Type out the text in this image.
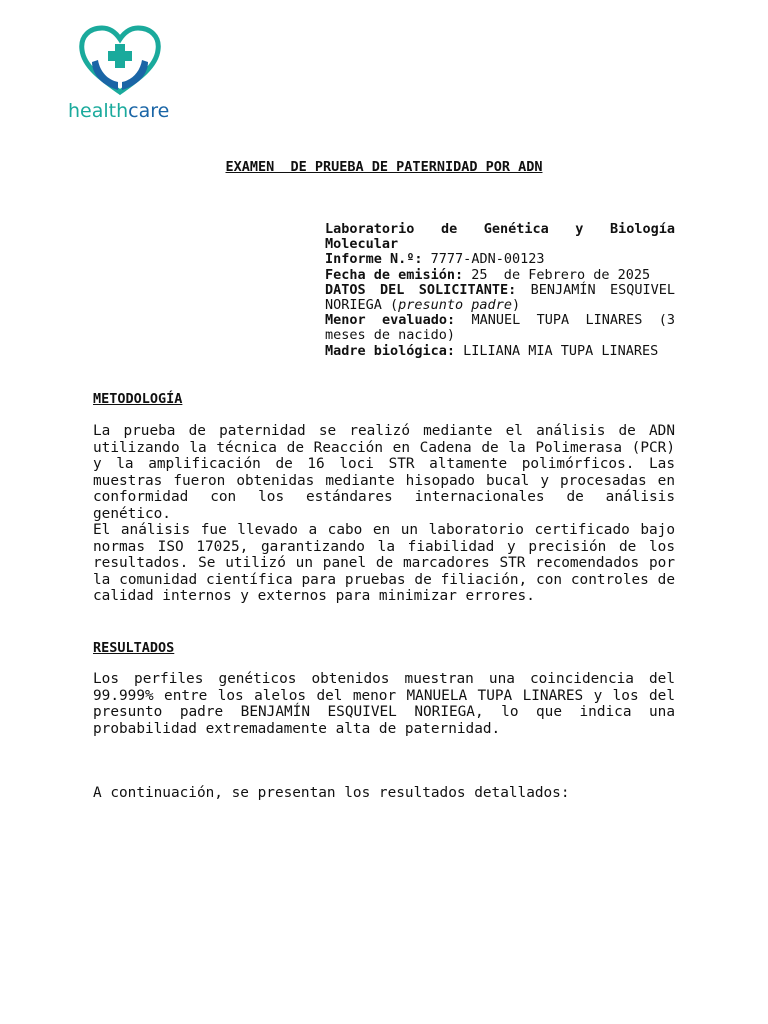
healthcare
EXAMEN  DE PRUEBA DE PATERNIDAD POR ADN
Laboratorio de Genética y Biología Molecular
Informe N.º: 7777-ADN-00123
Fecha de emisión: 25  de Febrero de 2025
DATOS DEL SOLICITANTE: BENJAMÍN ESQUIVEL NORIEGA (presunto padre)
Menor evaluado: MANUEL TUPA LINARES (3 meses de nacido)
Madre biológica: LILIANA MIA TUPA LINARES
METODOLOGÍA

La prueba de paternidad se realizó mediante el análisis de ADN utilizando la técnica de Reacción en Cadena de la Polimerasa (PCR) y la amplificación de 16 loci STR altamente polimórficos. Las muestras fueron obtenidas mediante hisopado bucal y procesadas en conformidad con los estándares internacionales de análisis genético.

El análisis fue llevado a cabo en un laboratorio certificado bajo normas ISO 17025, garantizando la fiabilidad y precisión de los resultados. Se utilizó un panel de marcadores STR recomendados por la comunidad científica para pruebas de filiación, con controles de calidad internos y externos para minimizar errores.

RESULTADOS

Los perfiles genéticos obtenidos muestran una coincidencia del 99.999% entre los alelos del menor MANUELA TUPA LINARES y los del presunto padre BENJAMÍN ESQUIVEL NORIEGA, lo que indica una probabilidad extremadamente alta de paternidad.

A continuación, se presentan los resultados detallados:
